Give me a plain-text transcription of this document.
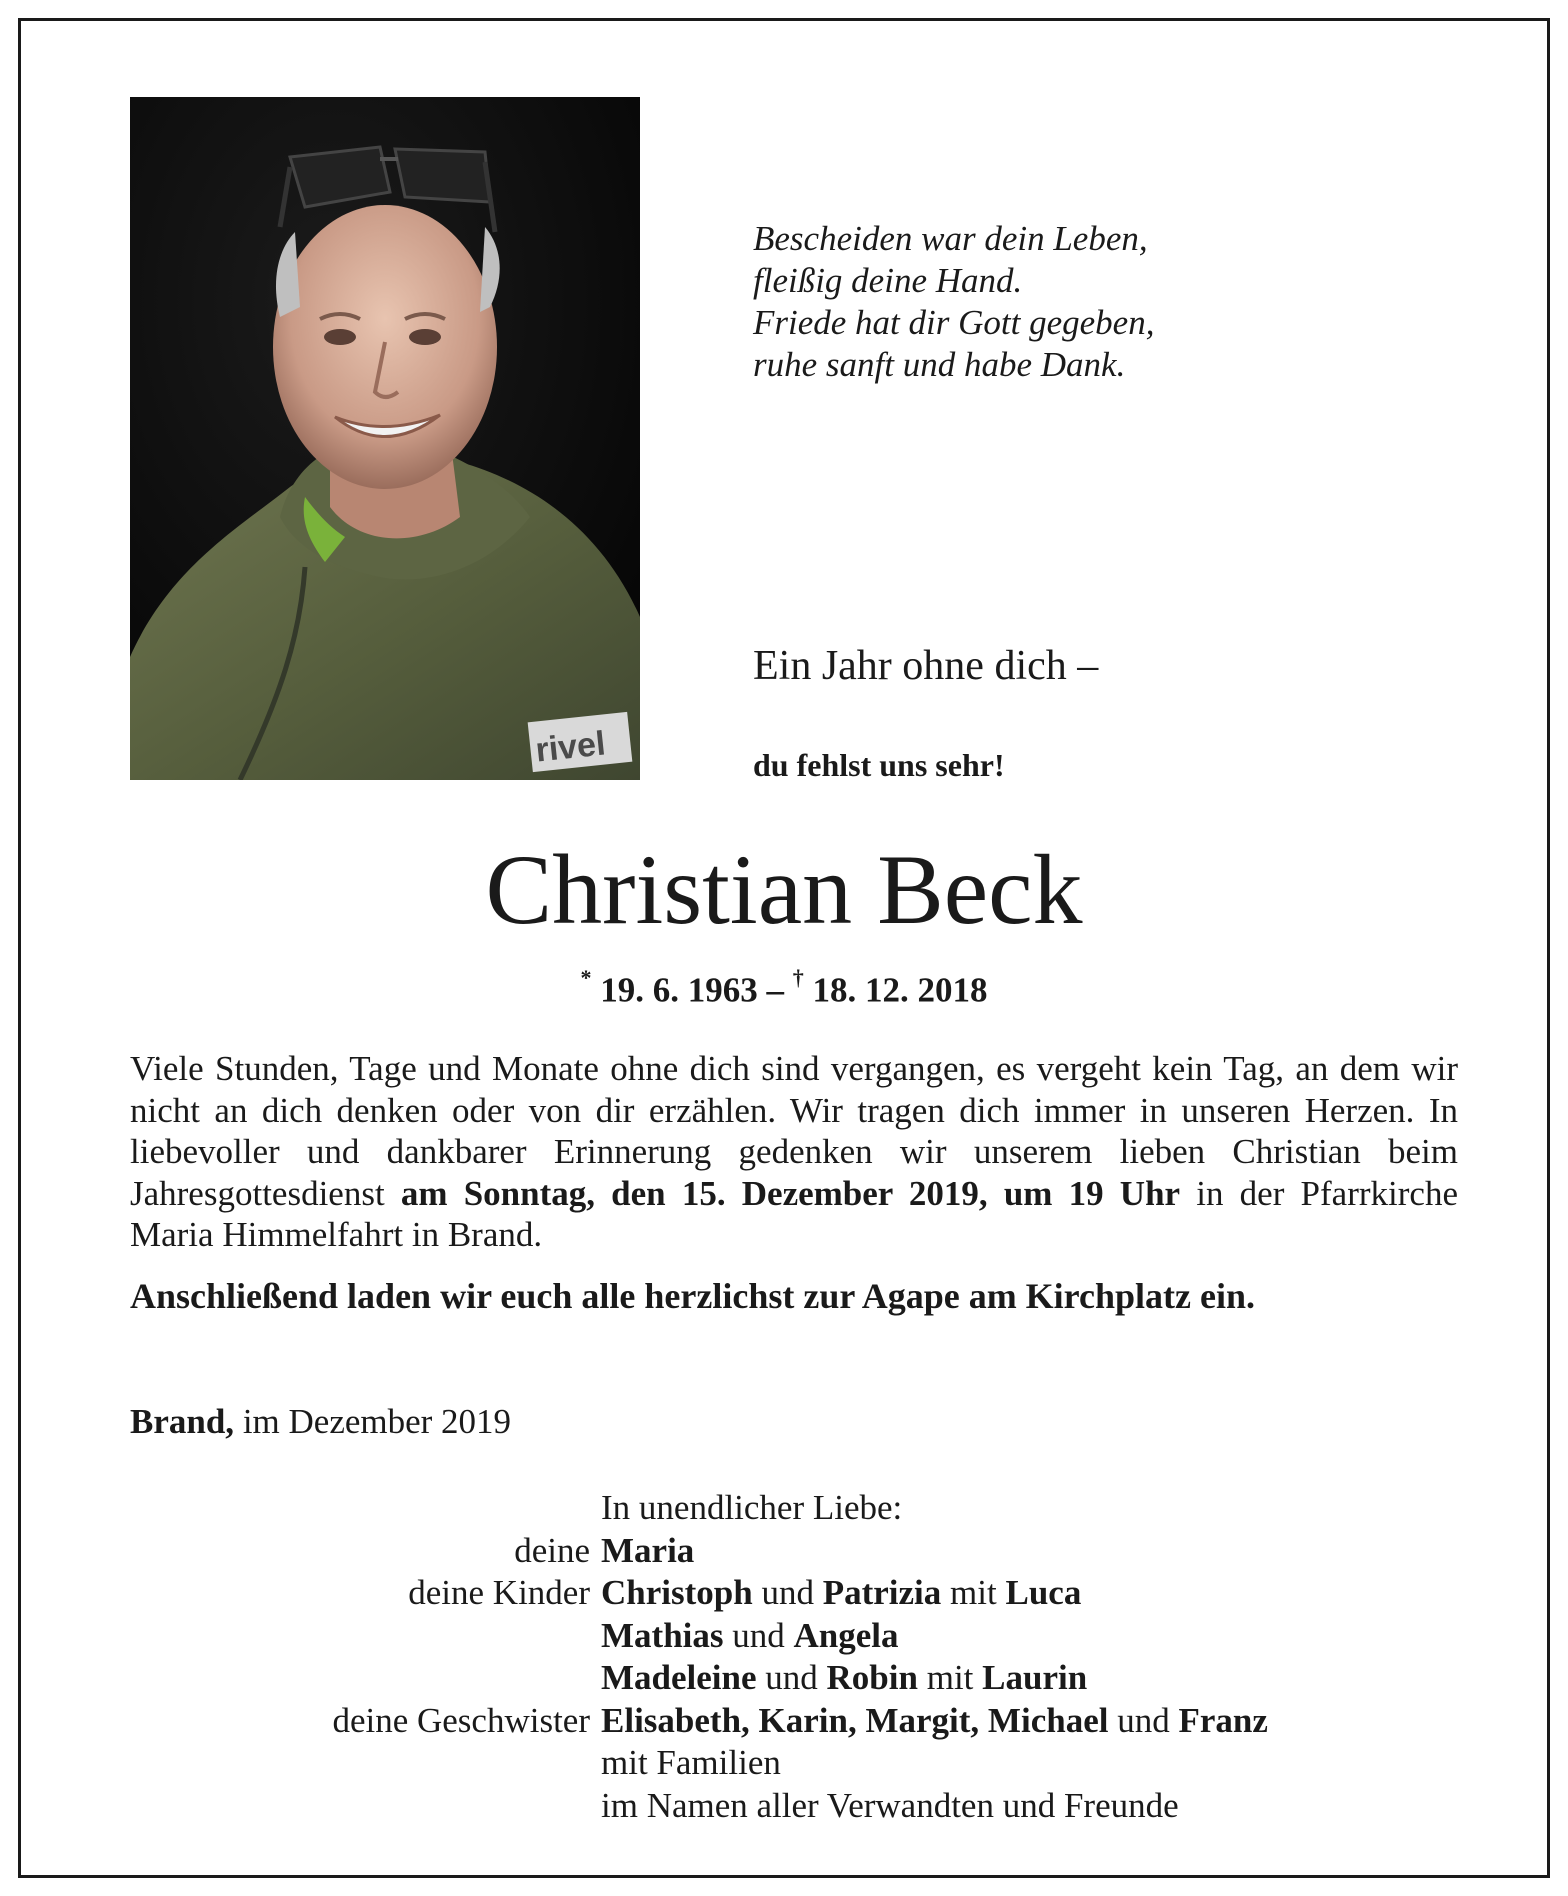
rivel
Bescheiden war dein Leben,
fleißig deine Hand.
Friede hat dir Gott gegeben,
ruhe sanft und habe Dank.
Ein Jahr ohne dich –
du fehlst uns sehr!
Christian Beck
* 19. 6. 1963 – † 18. 12. 2018
Viele Stunden, Tage und Monate ohne dich sind vergangen, es vergeht kein Tag, an dem wir nicht an dich denken oder von dir erzählen. Wir tragen dich immer in unseren Herzen. In liebevoller und dankbarer Erinnerung gedenken wir unserem lieben Christian beim Jahresgottesdienst am Sonntag, den 15. Dezember 2019, um 19 Uhr in der Pfarrkirche Maria Himmelfahrt in Brand.
Anschließend laden wir euch alle herzlichst zur Agape am Kirchplatz ein.
Brand, im Dezember 2019
In unendlicher Liebe:
deine Maria
deine Kinder Christoph und Patrizia mit Luca
Mathias und Angela
Madeleine und Robin mit Laurin
deine Geschwister Elisabeth, Karin, Margit, Michael und Franz
mit Familien
im Namen aller Verwandten und Freunde
